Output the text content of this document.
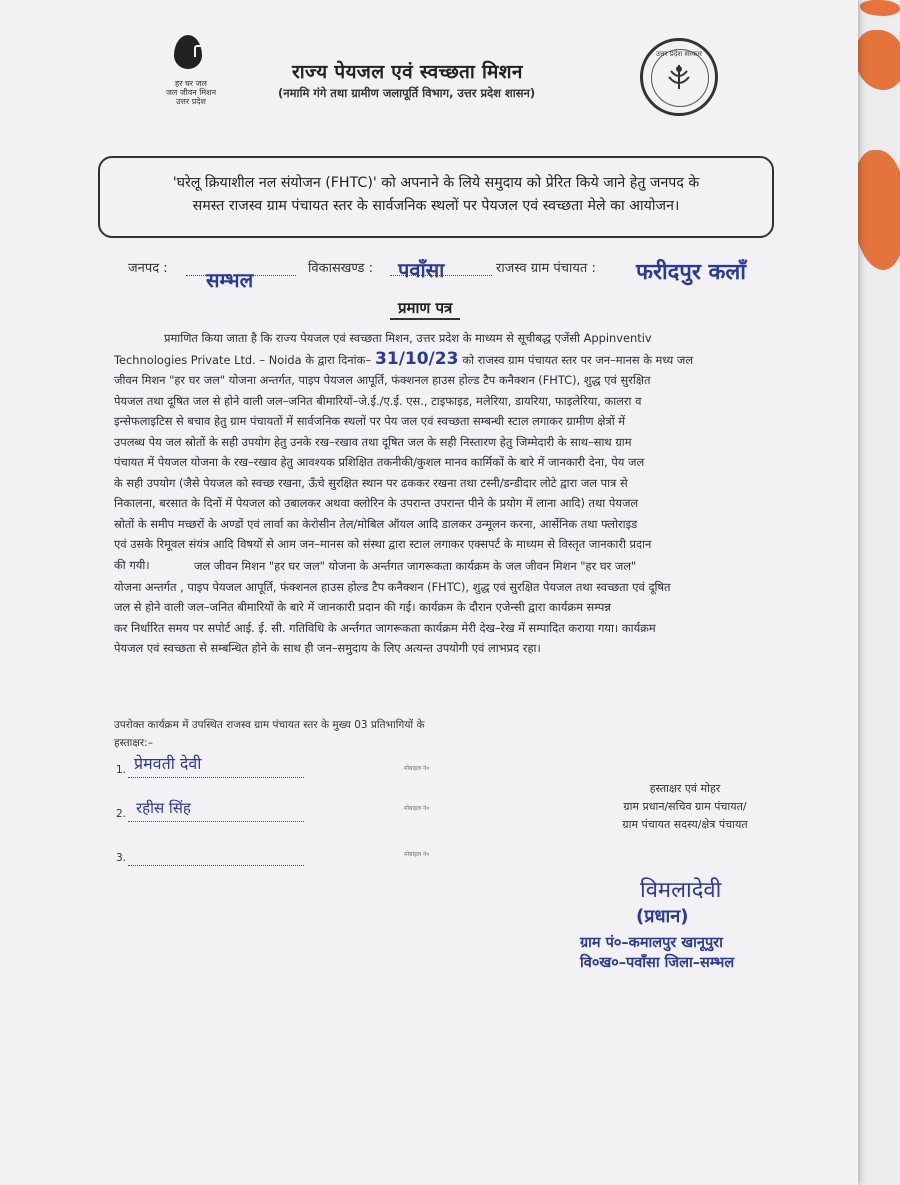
हर घर जल
जल जीवन मिशन
उत्तर प्रदेश
राज्य पेयजल एवं स्वच्छता मिशन
(नमामि गंगे तथा ग्रामीण जलापूर्ति विभाग, उत्तर प्रदेश शासन)
उत्तर प्रदेश सरकार
'घरेलू क्रियाशील नल संयोजन (FHTC)' को अपनाने के लिये समुदाय को प्रेरित किये जाने हेतु जनपद के
समस्त राजस्व ग्राम पंचायत स्तर के सार्वजनिक स्थलों पर पेयजल एवं स्वच्छता मेले का आयोजन।
जनपद : सम्भल	विकासखण्ड : पवाँसा	राजस्व ग्राम पंचायत : फरीदपुर कलाँ
प्रमाण पत्र
प्रमाणित किया जाता है कि राज्य पेयजल एवं स्वच्छता मिशन, उत्तर प्रदेश के माध्यम से सूचीबद्ध एजेंसी Appinventiv
Technologies Private Ltd. – Noida के द्वारा दिनांक– 31/10/23 को राजस्व ग्राम पंचायत स्तर पर जन–मानस के मध्य जल
जीवन मिशन "हर घर जल" योजना अन्तर्गत, पाइप पेयजल आपूर्ति, फंक्शनल हाउस होल्ड टैप कनैक्शन (FHTC), शुद्ध एवं सुरक्षित
पेयजल तथा दूषित जल से होने वाली जल–जनित बीमारियों–जे.ई./ए.ई. एस., टाइफाइड, मलेरिया, डायरिया, फाइलेरिया, कालरा व
इन्सेफलाइटिस से बचाव हेतु ग्राम पंचायतों में सार्वजनिक स्थलों पर पेय जल एवं स्वच्छता सम्बन्धी स्टाल लगाकर ग्रामीण क्षेत्रों में
उपलब्ध पेय जल स्रोतों के सही उपयोग हेतु उनके रख–रखाव तथा दूषित जल के सही निस्तारण हेतु जिम्मेदारी के साथ–साथ ग्राम
पंचायत में पेयजल योजना के रख–रखाव हेतु आवश्यक प्रशिक्षित तकनीकी/कुशल मानव कार्मिकों के बारे में जानकारी देना, पेय जल
के सही उपयोग (जैसे पेयजल को स्वच्छ रखना, ऊँचे सुरक्षित स्थान पर ढककर रखना तथा टस्नी/डन्डीदार लोटे द्वारा जल पात्र से
निकालना, बरसात के दिनों में पेयजल को उबालकर अथवा क्लोरिन के उपरान्त उपरान्त पीने के प्रयोग में लाना आदि) तथा पेयजल
स्रोतों के समीप मच्छरों के अण्डों एवं लार्वा का केरोसीन तेल/मोबिल ऑयल आदि डालकर उन्मूलन करना, आर्सेनिक तथा फ्लोराइड
एवं उसके रिमूवल संयंत्र आदि विषयों से आम जन–मानस को संस्था द्वारा स्टाल लगाकर एक्सपर्ट के माध्यम से विस्तृत जानकारी प्रदान
की गयी।	जल जीवन मिशन "हर घर जल" योजना के अर्न्तगत जागरूकता कार्यक्रम के जल जीवन मिशन "हर घर जल"
योजना अन्तर्गत , पाइप पेयजल आपूर्ति, फंक्शनल हाउस होल्ड टैप कनैक्शन (FHTC), शुद्ध एवं सुरक्षित पेयजल तथा स्वच्छता एवं दूषित
जल से होने वाली जल–जनित बीमारियों के बारे में जानकारी प्रदान की गई। कार्यक्रम के दौरान एजेन्सी द्वारा कार्यक्रम सम्पन्न
कर निर्धारित समय पर सपोर्ट आई. ई. सी. गतिविधि के अर्न्तगत जागरूकता कार्यक्रम मेरी देख–रेख में सम्पादित कराया गया। कार्यक्रम
पेयजल एवं स्वच्छता से सम्बन्धित होने के साथ ही जन–समुदाय के लिए अत्यन्त उपयोगी एवं लाभप्रद रहा।
उपरोक्त कार्यक्रम में उपस्थित राजस्व ग्राम पंचायत स्तर के मुख्य 03 प्रतिभागियों के
हस्ताक्षर:–
1. प्रेमवती देवी	मोबाइल नं०
2. रहीस सिंह	मोबाइल नं०
3.	मोबाइल नं०
हस्ताक्षर एवं मोहर
ग्राम प्रधान/सचिव ग्राम पंचायत/
ग्राम पंचायत सदस्य/क्षेत्र पंचायत
विमलादेवी
(प्रधान)
ग्राम पं०–कमालपुर खानूपुरा
वि०ख०–पवाँसा जिला–सम्भल
